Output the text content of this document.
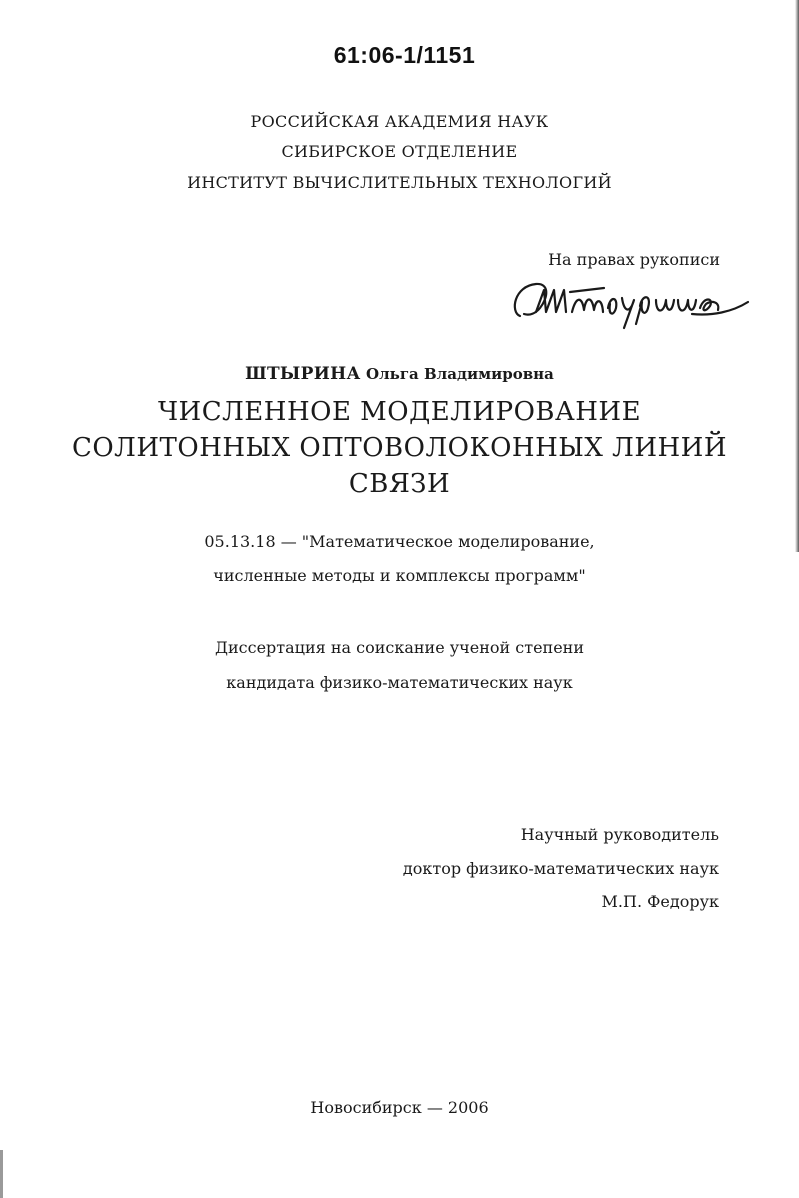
61:06-1/1151
РОССИЙСКАЯ АКАДЕМИЯ НАУК
СИБИРСКОЕ ОТДЕЛЕНИЕ
ИНСТИТУТ ВЫЧИСЛИТЕЛЬНЫХ ТЕХНОЛОГИЙ
На правах рукописи
ШТЫРИНА Ольга Владимировна
ЧИСЛЕННОЕ МОДЕЛИРОВАНИЕ
СОЛИТОННЫХ ОПТОВОЛОКОННЫХ ЛИНИЙ
СВЯЗИ
05.13.18 — "Математическое моделирование,
численные методы и комплексы программ"
Диссертация на соискание ученой степени
кандидата физико-математических наук
Научный руководитель
доктор физико-математических наук
М.П. Федорук
Новосибирск — 2006
